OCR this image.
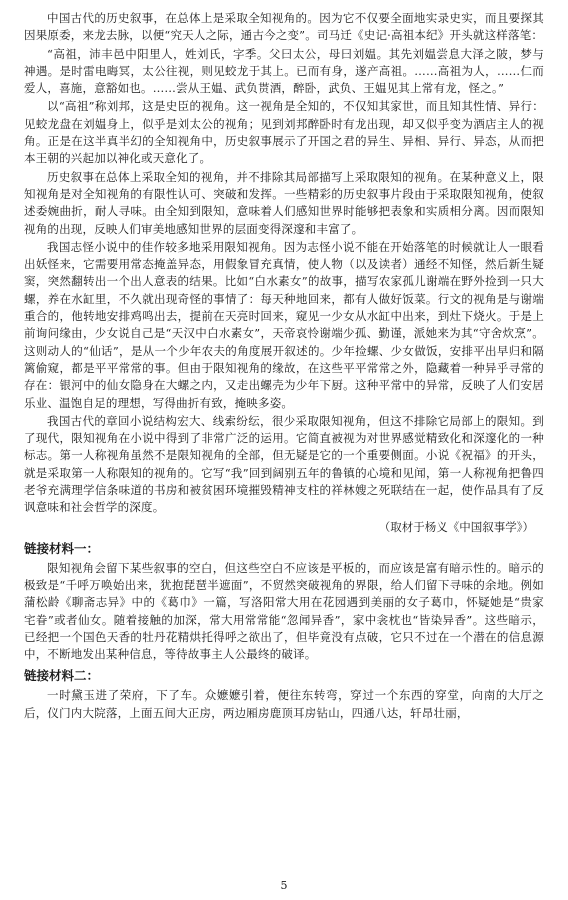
中国古代的历史叙事，在总体上是采取全知视角的。因为它不仅要全面地实录史实，而且要探其因果原委，来龙去脉，以便“究天人之际，通古今之变”。司马迁《史记·高祖本纪》开头就这样落笔：

“高祖，沛丰邑中阳里人，姓刘氏，字季。父曰太公，母曰刘媪。其先刘媪尝息大泽之陂，梦与神遇。是时雷电晦冥，太公往视，则见蛟龙于其上。已而有身，遂产高祖。……高祖为人，……仁而爱人，喜施，意豁如也。……尝从王媪、武负贳酒，醉卧，武负、王媪见其上常有龙，怪之。”

以“高祖”称刘邦，这是史臣的视角。这一视角是全知的，不仅知其家世，而且知其性情、异行：见蛟龙盘在刘媪身上，似乎是刘太公的视角；见到刘邦醉卧时有龙出现，却又似乎变为酒店主人的视角。正是在这半真半幻的全知视角中，历史叙事展示了开国之君的异生、异相、异行、异态，从而把本王朝的兴起加以神化或天意化了。

历史叙事在总体上采取全知的视角，并不排除其局部描写上采取限知的视角。在某种意义上，限知视角是对全知视角的有限性认可、突破和发挥。一些精彩的历史叙事片段由于采取限知视角，使叙述委婉曲折，耐人寻味。由全知到限知，意味着人们感知世界时能够把表象和实质相分离。因而限知视角的出现，反映人们审美地感知世界的层面变得深邃和丰富了。

我国志怪小说中的佳作较多地采用限知视角。因为志怪小说不能在开始落笔的时候就让人一眼看出妖怪来，它需要用常态掩盖异态，用假象冒充真情，使人物（以及读者）通经不知怪，然后新生疑窦，突然翻转出一个出人意表的结果。比如“白水素女”的故事，描写农家孤儿谢端在野外捡到一只大螺，养在水缸里，不久就出现奇怪的事情了：每天种地回来，都有人做好饭菜。行文的视角是与谢端重合的，他转地安排鸡鸣出去，提前在天亮时回来，窥见一少女从水缸中出来，到灶下烧火。于是上前询问缘由，少女说自己是“天汉中白水素女”，天帝哀怜谢端少孤、勤谨，派她来为其“守舍炊烹”。这则动人的“仙话”，是从一个少年农夫的角度展开叙述的。少年捡螺、少女做饭，安排平出早归和隔篱偷窥，都是平平常常的事。但由于限知视角的缘故，在这些平平常常之外，隐藏着一种异乎寻常的存在：银河中的仙女隐身在大螺之内，又走出螺壳为少年下厨。这种平常中的异常，反映了人们安居乐业、温饱自足的理想，写得曲折有致，掩映多姿。

我国古代的章回小说结构宏大、线索纷纭，很少采取限知视角，但这不排除它局部上的限知。到了现代，限知视角在小说中得到了非常广泛的运用。它简直被视为对世界感觉精致化和深邃化的一种标志。第一人称视角虽然不是限知视角的全部，但无疑是它的一个重要侧面。小说《祝福》的开头，就是采取第一人称限知的视角的。它写“我”回到阔别五年的鲁镇的心境和见闻，第一人称视角把鲁四老爷充满理学信条味道的书房和被贫困环境摧毁精神支柱的祥林嫂之死联结在一起，使作品具有了反讽意味和社会哲学的深度。

（取材于杨义《中国叙事学》）

链接材料一：

限知视角会留下某些叙事的空白，但这些空白不应该是平板的，而应该是富有暗示性的。暗示的极致是“千呼万唤始出来，犹抱琵琶半遮面”，不贸然突破视角的界限，给人们留下寻味的余地。例如蒲松龄《聊斋志异》中的《葛巾》一篇，写洛阳常大用在花园遇到美丽的女子葛巾，怀疑她是“贵家宅眷”或者仙女。随着接触的加深，常大用常常能“忽闻异香”，家中衾枕也“皆染异香”。这些暗示，已经把一个国色天香的牡丹花精烘托得呼之欲出了，但毕竟没有点破，它只不过在一个潜在的信息源中，不断地发出某种信息，等待故事主人公最终的破译。

链接材料二：

一时黛玉进了荣府，下了车。众嬷嬷引着，便往东转弯，穿过一个东西的穿堂，向南的大厅之后，仪门内大院落，上面五间大正房，两边厢房鹿顶耳房钻山，四通八达，轩昂壮丽，

5
